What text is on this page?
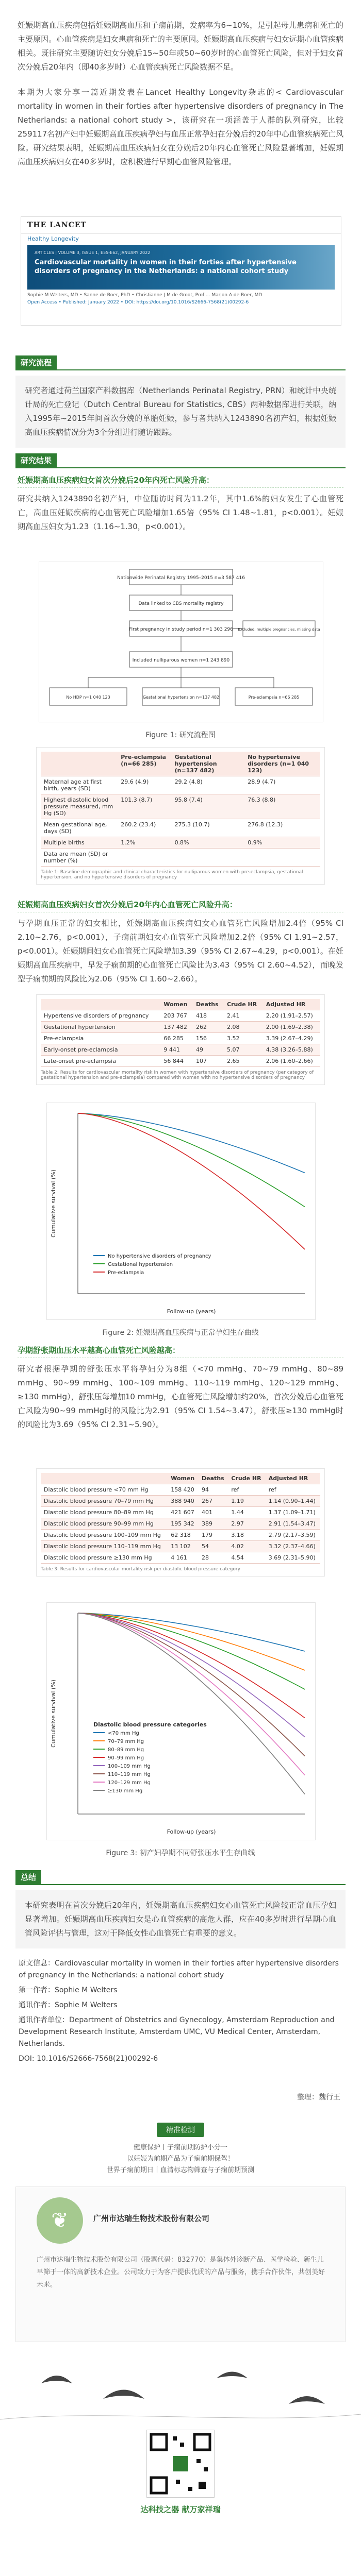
妊娠期高血压疾病包括妊娠期高血压和子痫前期，发病率为6~10%，是引起母儿患病和死亡的主要原因。心血管疾病是妇女患病和死亡的主要原因。妊娠期高血压疾病与妇女远期心血管疾病相关。既往研究主要随访妇女分娩后15~50年或50~60岁时的心血管死亡风险，但对于妇女首次分娩后20年内（即40多岁时）心血管疾病死亡风险数据不足。

本期为大家分享一篇近期发表在Lancet Healthy Longevity杂志的< Cardiovascular mortality in women in their forties after hypertensive disorders of pregnancy in The Netherlands: a national cohort study >，该研究在一项涵盖于人群的队列研究，比较259117名初产妇中妊娠期高血压疾病孕妇与血压正常孕妇在分娩后约20年中心血管疾病死亡风险。研究结果表明，妊娠期高血压疾病妇女在分娩后20年内心血管死亡风险显著增加，妊娠期高血压疾病妇女在40多岁时，应积极进行早期心血管风险管理。

THE LANCET
Healthy Longevity
ARTICLES | VOLUME 3, ISSUE 1, E55-E62, JANUARY 2022
Cardiovascular mortality in women in their forties after hypertensive disorders of pregnancy in the Netherlands: a national cohort study
Sophie M Welters, MD • Sanne de Boer, PhD • Christianne J M de Groot, Prof ... Marjon A de Boer, MD
Open Access • Published: January 2022 • DOI: https://doi.org/10.1016/S2666-7568(21)00292-6
研究流程

研究者通过荷兰国家产科数据库（Netherlands Perinatal Registry, PRN）和统计中央统计局的死亡登记（Dutch Central Bureau for Statistics, CBS）两种数据库进行关联，纳入1995年~2015年间首次分娩的单胎妊娠，参与者共纳入1243890名初产妇，根据妊娠高血压疾病情况分为3个分组进行随访跟踪。

研究结果
妊娠期高血压疾病妇女首次分娩后20年内死亡风险升高：

研究共纳入1243890名初产妇，中位随访时间为11.2年，其中1.6%的妇女发生了心血管死亡，高血压妊娠疾病的心血管死亡风险增加1.65倍（95% CI 1.48~1.81，p<0.001）。妊娠期高血压妇女为1.23（1.16~1.30，p<0.001）。

Nationwide Perinatal Registry 1995–2015 n=3 587 416
Data linked to CBS mortality registry
First pregnancy in study period n=1 303 296 Excluded: multiple pregnancies, missing data
Included nulliparous women n=1 243 890
No HDP n=1 040 123	Gestational hypertension n=137 482	Pre-eclampsia n=66 285
Figure 1: 研究流程图
	Pre-eclampsia (n=66 285)	Gestational hypertension (n=137 482)	No hypertensive disorders (n=1 040 123)
Maternal age at first birth, years (SD)	29.6 (4.9)	29.2 (4.8)	28.9 (4.7)
Highest diastolic blood pressure measured, mm Hg (SD)	101.3 (8.7)	95.8 (7.4)	76.3 (8.8)
Mean gestational age, days (SD)	260.2 (23.4)	275.3 (10.7)	276.8 (12.3)
Multiple births	1.2%	0.8%	0.9%
Data are mean (SD) or number (%)			
Table 1: Baseline demographic and clinical characteristics for nulliparous women with pre-eclampsia, gestational hypertension, and no hypertensive disorders of pregnancy
妊娠期高血压疾病妇女首次分娩后20年内心血管死亡风险升高：

与孕期血压正常的妇女相比，妊娠期高血压疾病妇女心血管死亡风险增加2.4倍（95% CI 2.10~2.76，p<0.001），子痫前期妇女心血管死亡风险增加2.2倍（95% CI 1.91~2.57，p<0.001）。妊娠期间妇女心血管死亡风险增加3.39（95% CI 2.67~4.29，p<0.001）。在妊娠期高血压疾病中，早发子痫前期的心血管死亡风险比为3.43（95% CI 2.60~4.52），而晚发型子痫前期的风险比为2.06（95% CI 1.60~2.66）。

	Women	Deaths	Crude HR	Adjusted HR
Hypertensive disorders of pregnancy	203 767	418	2.41	2.20 (1.91–2.57)
Gestational hypertension	137 482	262	2.08	2.00 (1.69–2.38)
Pre-eclampsia	66 285	156	3.52	3.39 (2.67–4.29)
Early-onset pre-eclampsia	9 441	49	5.07	4.38 (3.26–5.88)
Late-onset pre-eclampsia	56 844	107	2.65	2.06 (1.60–2.66)
Table 2: Results for cardiovascular mortality risk in women with hypertensive disorders of pregnancy (per category of gestational hypertension and pre-eclampsia) compared with women with no hypertensive disorders of pregnancy
Cumulative survival (%)
Follow-up (years)
No hypertensive disorders of pregnancy
Gestational hypertension
Pre-eclampsia
Figure 2: 妊娠期高血压疾病与正常孕妇生存曲线
孕期舒张期血压水平越高心血管死亡风险越高：

研究者根据孕期的舒张压水平将孕妇分为8组（<70 mmHg、70~79 mmHg、80~89 mmHg、90~99 mmHg、100~109 mmHg、110~119 mmHg、120~129 mmHg、≥130 mmHg），舒张压每增加10 mmHg，心血管死亡风险增加约20%，首次分娩后心血管死亡风险为90~99 mmHg时的风险比为2.91（95% CI 1.54~3.47），舒张压≥130 mmHg时的风险比为3.69（95% CI 2.31~5.90）。

	Women	Deaths	Crude HR	Adjusted HR
Diastolic blood pressure <70 mm Hg	158 420	94	ref	ref
Diastolic blood pressure 70–79 mm Hg	388 940	267	1.19	1.14 (0.90–1.44)
Diastolic blood pressure 80–89 mm Hg	421 607	401	1.44	1.37 (1.09–1.71)
Diastolic blood pressure 90–99 mm Hg	195 342	389	2.97	2.91 (1.54–3.47)
Diastolic blood pressure 100–109 mm Hg	62 318	179	3.18	2.79 (2.17–3.59)
Diastolic blood pressure 110–119 mm Hg	13 102	54	4.02	3.32 (2.37–4.66)
Diastolic blood pressure ≥130 mm Hg	4 161	28	4.54	3.69 (2.31–5.90)
Table 3: Results for cardiovascular mortality risk per diastolic blood pressure category
Cumulative survival (%)
Follow-up (years)
Diastolic blood pressure categories
<70 mm Hg
70–79 mm Hg
80–89 mm Hg
90–99 mm Hg
100–109 mm Hg
110–119 mm Hg
120–129 mm Hg
≥130 mm Hg
Figure 3: 初产妇孕期不同舒张压水平生存曲线
总结

本研究表明在首次分娩后20年内，妊娠期高血压疾病妇女心血管死亡风险较正常血压孕妇显著增加。妊娠期高血压疾病妇女是心血管疾病的高危人群，应在40多岁时进行早期心血管风险评估与管理，这对于降低女性心血管死亡有重要的意义。

原文信息：Cardiovascular mortality in women in their forties after hypertensive disorders of pregnancy in the Netherlands: a national cohort study

第一作者：Sophie M Welters

通讯作者：Sophie M Welters

通讯作者单位：Department of Obstetrics and Gynecology, Amsterdam Reproduction and Development Research Institute, Amsterdam UMC, VU Medical Center, Amsterdam, Netherlands.

DOI: 10.1016/S2666-7568(21)00292-6

整理：魏行王
精准检测
健康保护丨子痫前期防护小分一
以妊娠为前期产品为子痫前期保驾！
世界子痫前期日丨血清标志物筛查与子痫前期预测
❦	广州市达瑞生物技术股份有限公司
广州市达瑞生物技术股份有限公司（股票代码：832770）是集体外诊断产品、医学检验、新生儿早筛于一体的高新技术企业。公司致力于为客户提供优质的产品与服务，携手合作伙伴，共创美好未来。
达科技之器 献万家祥瑞
